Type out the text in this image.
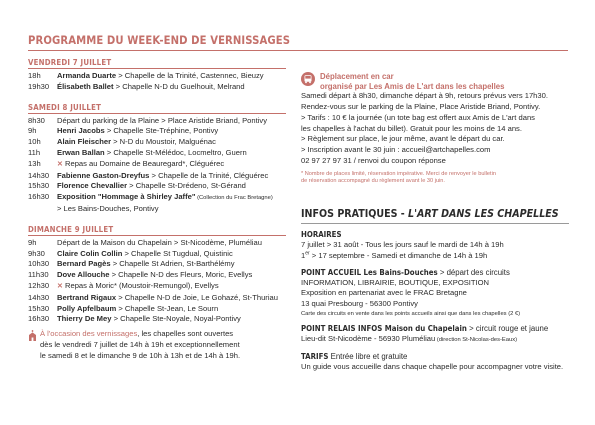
PROGRAMME DU WEEK-END DE VERNISSAGES
VENDREDI 7 JUILLET
18h	Armanda Duarte > Chapelle de la Trinité, Castennec, Bieuzy
19h30	Élisabeth Ballet > Chapelle N-D du Guelhouit, Melrand
SAMEDI 8 JUILLET
8h30	Départ du parking de la Plaine > Place Aristide Briand, Pontivy
9h	Henri Jacobs > Chapelle Ste-Tréphine, Pontivy
10h	Alain Fleischer > N-D du Moustoir, Malguénac
11h	Erwan Ballan > Chapelle St-Mélédoc, Locmeltro, Guern
13h	✕ Repas au Domaine de Beauregard*, Cléguérec
14h30	Fabienne Gaston-Dreyfus > Chapelle de la Trinité, Cléguérec
15h30	Florence Chevallier > Chapelle St-Drédeno, St-Gérand
16h30	Exposition "Hommage à Shirley Jaffe" (Collection du Frac Bretagne)
> Les Bains-Douches, Pontivy
DIMANCHE 9 JUILLET
9h	Départ de la Maison du Chapelain > St-Nicodème, Pluméliau
9h30	Claire Colin Collin > Chapelle St Tugdual, Quistinic
10h30	Bernard Pagès > Chapelle St Adrien, St-Barthélémy
11h30	Dove Allouche > Chapelle N-D des Fleurs, Moric, Evellys
12h30	✕ Repas à Moric* (Moustoir-Remungol), Evellys
14h30	Bertrand Rigaux > Chapelle N-D de Joie, Le Gohazé, St-Thuriau
15h30	Polly Apfelbaum > Chapelle St-Jean, Le Sourn
16h30	Thierry De Mey > Chapelle Ste-Noyale, Noyal-Pontivy
À l'occasion des vernissages, les chapelles sont ouvertes
dès le vendredi 7 juillet de 14h à 19h et exceptionnellement
le samedi 8 et le dimanche 9 de 10h à 13h et de 14h à 19h.
Déplacement en car
organisé par Les Amis de L'art dans les chapelles
Samedi départ à 8h30, dimanche départ à 9h, retours prévus vers 17h30.
Rendez-vous sur le parking de la Plaine, Place Aristide Briand, Pontivy.
> Tarifs : 10 € la journée (un tote bag est offert aux Amis de L'art dans
les chapelles à l'achat du billet). Gratuit pour les moins de 14 ans.
> Règlement sur place, le jour même, avant le départ du car.
> Inscription avant le 30 juin : accueil@artchapelles.com
02 97 27 97 31 / renvoi du coupon réponse
* Nombre de places limité, réservation impérative. Merci de renvoyer le bulletin
de réservation accompagné du règlement avant le 30 juin.
INFOS PRATIQUES - L'ART DANS LES CHAPELLES
HORAIRES
7 juillet > 31 août - Tous les jours sauf le mardi de 14h à 19h
1er > 17 septembre - Samedi et dimanche de 14h à 19h
POINT ACCUEIL Les Bains-Douches > départ des circuits
INFORMATION, LIBRAIRIE, BOUTIQUE, EXPOSITION
Exposition en partenariat avec le FRAC Bretagne
13 quai Presbourg - 56300 Pontivy
Carte des circuits en vente dans les points accueils ainsi que dans les chapelles (2 €)
POINT RELAIS INFOS Maison du Chapelain > circuit rouge et jaune
Lieu-dit St-Nicodème - 56930 Pluméliau (direction St-Nicolas-des-Eaux)
TARIFS Entrée libre et gratuite
Un guide vous accueille dans chaque chapelle pour accompagner votre visite.
